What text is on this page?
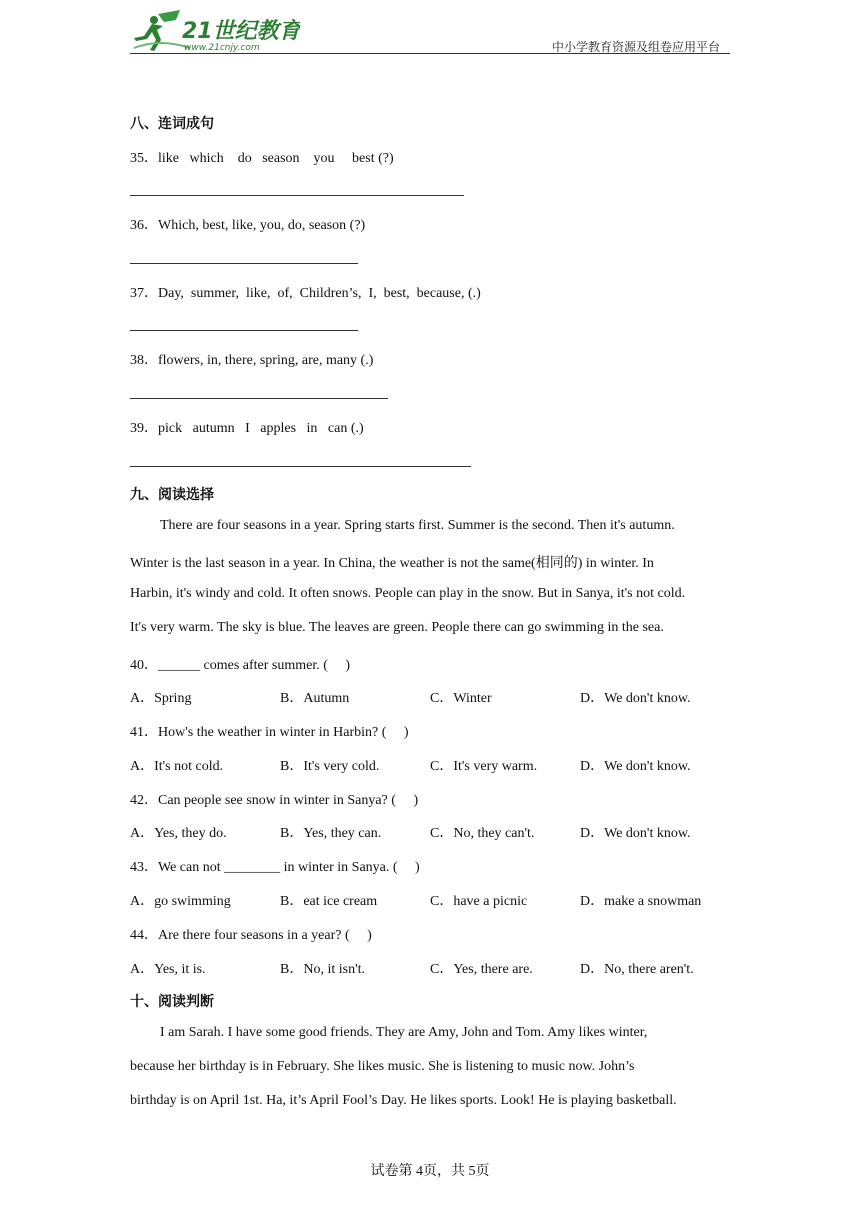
21世纪教育
www.21cnjy.com	中小学教育资源及组卷应用平台
八、连词成句
35．like   which    do   season    you     best (?)
36．Which, best, like, you, do, season (?)
37．Day,  summer,  like,  of,  Children’s,  I,  best,  because, (.)
38．flowers, in, there, spring, are, many (.)
39．pick   autumn   I   apples   in   can (.)
九、阅读选择
There are four seasons in a year. Spring starts first. Summer is the second. Then it's autumn.
Winter is the last season in a year. In China, the weather is not the same(相同的) in winter. In
Harbin, it's windy and cold. It often snows. People can play in the snow. But in Sanya, it's not cold.
It's very warm. The sky is blue. The leaves are green. People there can go swimming in the sea.
40．______ comes after summer. (     )
A．Spring	B．Autumn	C．Winter	D．We don't know.
41．How's the weather in winter in Harbin? (     )
A．It's not cold.	B．It's very cold.	C．It's very warm.	D．We don't know.
42．Can people see snow in winter in Sanya? (     )
A．Yes, they do.	B．Yes, they can.	C．No, they can't.	D．We don't know.
43．We can not ________ in winter in Sanya. (     )
A．go swimming	B．eat ice cream	C．have a picnic	D．make a snowman
44．Are there four seasons in a year? (     )
A．Yes, it is.	B．No, it isn't.	C．Yes, there are.	D．No, there aren't.
十、阅读判断
I am Sarah. I have some good friends. They are Amy, John and Tom. Amy likes winter,
because her birthday is in February. She likes music. She is listening to music now. John’s
birthday is on April 1st. Ha, it’s April Fool’s Day. He likes sports. Look! He is playing basketball.
试卷第 4页，共 5页
